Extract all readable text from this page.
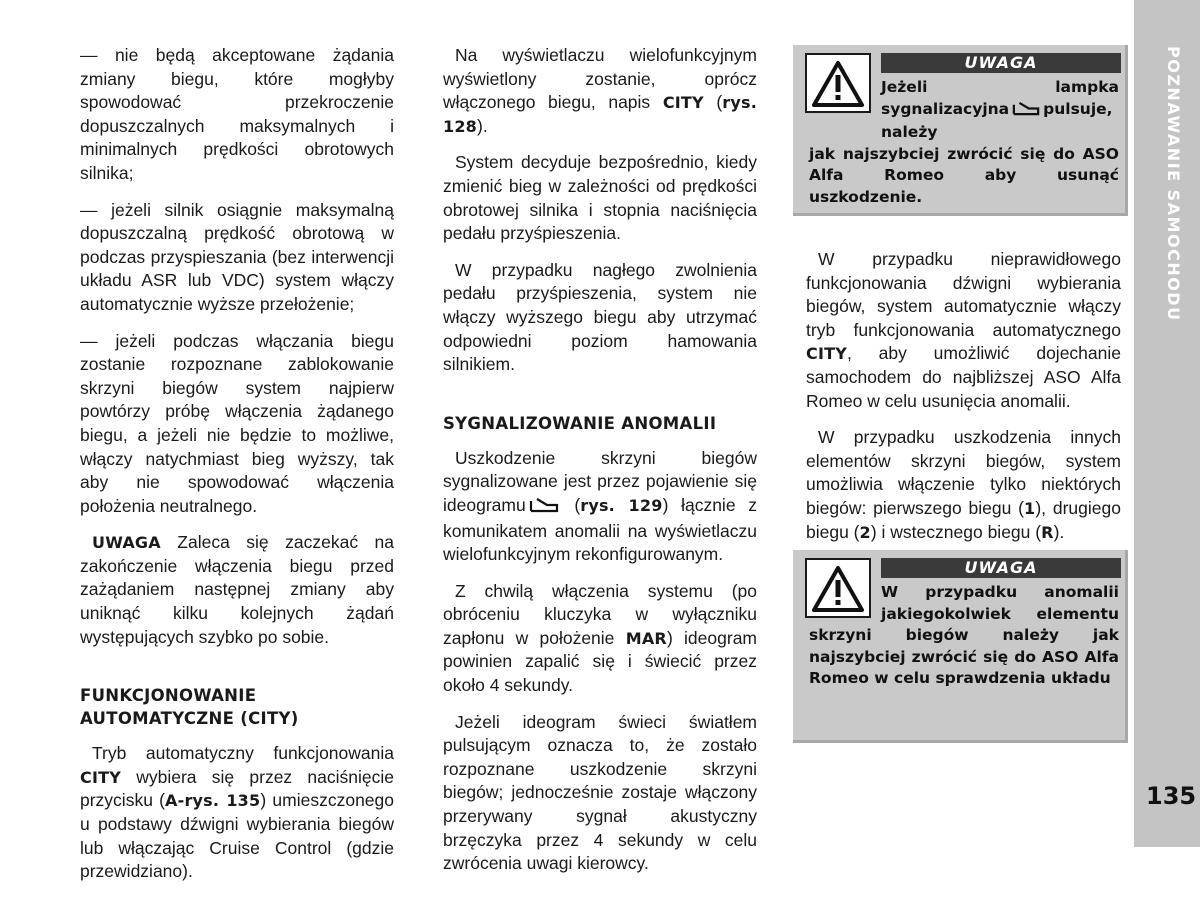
— nie będą akceptowane żądania zmiany biegu, które mogłyby spowodować przekroczenie dopuszczalnych maksymalnych i minimalnych prędkości obrotowych silnika;

— jeżeli silnik osiągnie maksymalną dopuszczalną prędkość obrotową w podczas przyspieszania (bez interwencji układu ASR lub VDC) system włączy automatycznie wyższe przełożenie;

— jeżeli podczas włączania biegu zostanie rozpoznane zablokowanie skrzyni biegów system najpierw powtórzy próbę włączenia żądanego biegu, a jeżeli nie będzie to możliwe, włączy natychmiast bieg wyższy, tak aby nie spowodować włączenia położenia neutralnego.

UWAGA Zaleca się zaczekać na zakończenie włączenia biegu przed zażądaniem następnej zmiany aby uniknąć kilku kolejnych żądań występujących szybko po sobie.

FUNKCJONOWANIE AUTOMATYCZNE (CITY)

Tryb automatyczny funkcjonowania CITY wybiera się przez naciśnięcie przycisku (A-rys. 135) umieszczonego u podstawy dźwigni wybierania biegów lub włączając Cruise Control (gdzie przewidziano).

Na wyświetlaczu wielofunkcyjnym wyświetlony zostanie, oprócz włączonego biegu, napis CITY (rys. 128).

System decyduje bezpośrednio, kiedy zmienić bieg w zależności od prędkości obrotowej silnika i stopnia naciśnięcia pedału przyśpieszenia.

W przypadku nagłego zwolnienia pedału przyśpieszenia, system nie włączy wyższego biegu aby utrzymać odpowiedni poziom hamowania silnikiem.

SYGNALIZOWANIE ANOMALII

Uszkodzenie skrzyni biegów sygnalizowane jest przez pojawienie się ideogramu (rys. 129) łącznie z komunikatem anomalii na wyświetlaczu wielofunkcyjnym rekonfigurowanym.

Z chwilą włączenia systemu (po obróceniu kluczyka w wyłączniku zapłonu w położenie MAR) ideogram powinien zapalić się i świecić przez około 4 sekundy.

Jeżeli ideogram świeci światłem pulsującym oznacza to, że zostało rozpoznane uszkodzenie skrzyni biegów; jednocześnie zostaje włączony przerywany sygnał akustyczny brzęczyka przez 4 sekundy w celu zwrócenia uwagi kierowcy.

UWAGA
Jeżeli lampka sygnalizacyjna pulsuje, należy
jak najszybciej zwrócić się do ASO Alfa Romeo aby usunąć uszkodzenie.

W przypadku nieprawidłowego funkcjonowania dźwigni wybierania biegów, system automatycznie włączy tryb funkcjonowania automatycznego CITY, aby umożliwić dojechanie samochodem do najbliższej ASO Alfa Romeo w celu usunięcia anomalii.

W przypadku uszkodzenia innych elementów skrzyni biegów, system umożliwia włączenie tylko niektórych biegów: pierwszego biegu (1), drugiego biegu (2) i wstecznego biegu (R).

UWAGA
W przypadku anomalii jakiegokolwiek elementu
skrzyni biegów należy jak najszybciej zwrócić się do ASO Alfa Romeo w celu sprawdzenia układu
POZNAWANIE SAMOCHODU
135
